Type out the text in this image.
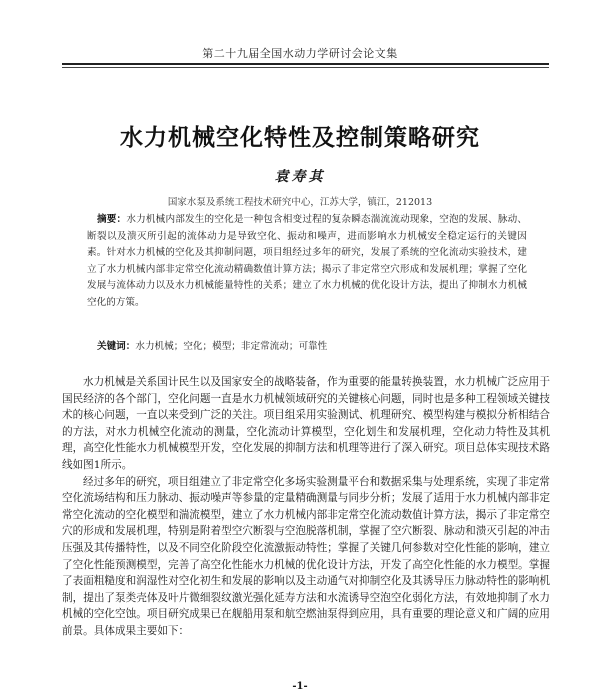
第二十九届全国水动力学研讨会论文集
水力机械空化特性及控制策略研究
袁寿其
国家水泵及系统工程技术研究中心，江苏大学，镇江，212013
摘要：水力机械内部发生的空化是一种包含相变过程的复杂瞬态湍流流动现象，空泡的发展、脉动、断裂以及溃灭所引起的流体动力是导致空化、振动和噪声，进而影响水力机械安全稳定运行的关键因素。针对水力机械的空化及其抑制问题，项目组经过多年的研究，发展了系统的空化流动实验技术，建立了水力机械内部非定常空化流动精确数值计算方法；揭示了非定常空穴形成和发展机理；掌握了空化发展与流体动力以及水力机械能量特性的关系；建立了水力机械的优化设计方法，提出了抑制水力机械空化的方策。
关键词：水力机械；空化；模型；非定常流动；可靠性

水力机械是关系国计民生以及国家安全的战略装备，作为重要的能量转换装置，水力机械广泛应用于国民经济的各个部门，空化问题一直是水力机械领域研究的关键核心问题，同时也是多种工程领域关键技术的核心问题，一直以来受到广泛的关注。项目组采用实验测试、机理研究、模型构建与模拟分析相结合的方法，对水力机械空化流动的测量，空化流动计算模型，空化划生和发展机理，空化动力特性及其机理，高空化性能水力机械模型开发，空化发展的抑制方法和机理等进行了深入研究。项目总体实现技术路线如图1所示。

经过多年的研究，项目组建立了非定常空化多场实验测量平台和数据采集与处理系统，实现了非定常空化流场结构和压力脉动、振动噪声等参量的定量精确测量与同步分析；发展了适用于水力机械内部非定常空化流动的空化模型和湍流模型，建立了水力机械内部非定常空化流动数值计算方法，揭示了非定常空穴的形成和发展机理，特别是附着型空穴断裂与空泡脱落机制，掌握了空穴断裂、脉动和溃灭引起的冲击压强及其传播特性，以及不同空化阶段空化流激振动特性；掌握了关键几何参数对空化性能的影响，建立了空化性能预测模型，完善了高空化性能水力机械的优化设计方法，开发了高空化性能的水力模型。掌握了表面粗糙度和润湿性对空化初生和发展的影响以及主动通气对抑制空化及其诱导压力脉动特性的影响机制，提出了泵类壳体及叶片微细裂纹激光强化延寿方法和水流诱导空泡空化弱化方法，有效地抑制了水力机械的空化空蚀。项目研究成果已在舰船用泵和航空燃油泵得到应用，具有重要的理论意义和广阔的应用前景。具体成果主要如下：

-1-
